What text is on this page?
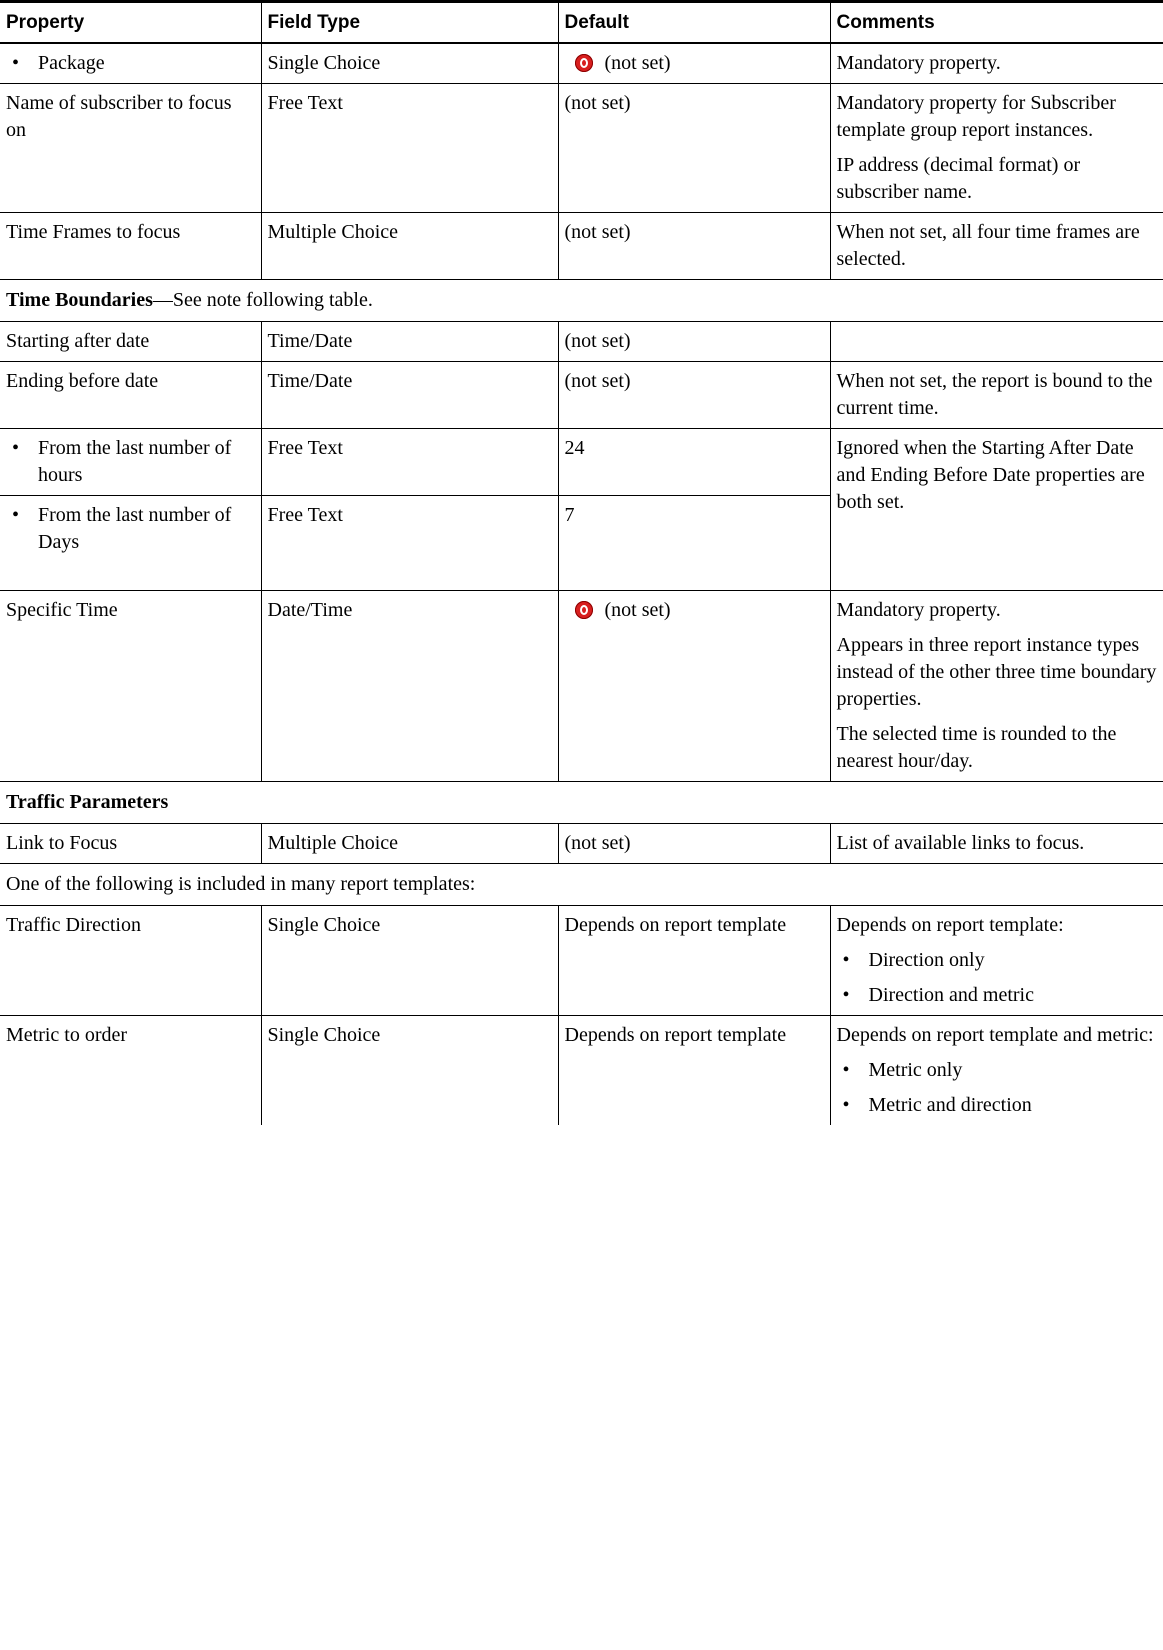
Property	Field Type	Default	Comments

• Package	Single Choice	(not set)	Mandatory property.
Name of subscriber to focus on	Free Text	(not set)	Mandatory property for Subscriber template group report instances.

IP address (decimal format) or subscriber name.

Time Frames to focus	Multiple Choice	(not set)	When not set, all four time frames are selected.
Time Boundaries—See note following table.			
Starting after date	Time/Date	(not set)	
Ending before date	Time/Date	(not set)	When not set, the report is bound to the current time.

• From the last number of hours	Free Text	24	Ignored when the Starting After Date and Ending Before Date properties are both set.

• From the last number of Days	Free Text	7	
Specific Time	Date/Time	(not set)	Mandatory property.

Appears in three report instance types instead of the other three time boundary properties.

The selected time is rounded to the nearest hour/day.

Traffic Parameters			
Link to Focus	Multiple Choice	(not set)	List of available links to focus.
One of the following is included in many report templates:			
Traffic Direction	Single Choice	Depends on report template	Depends on report template:

• Direction only
• Direction and metric

Metric to order	Single Choice	Depends on report template	Depends on report template and metric:

• Metric only
• Metric and direction
